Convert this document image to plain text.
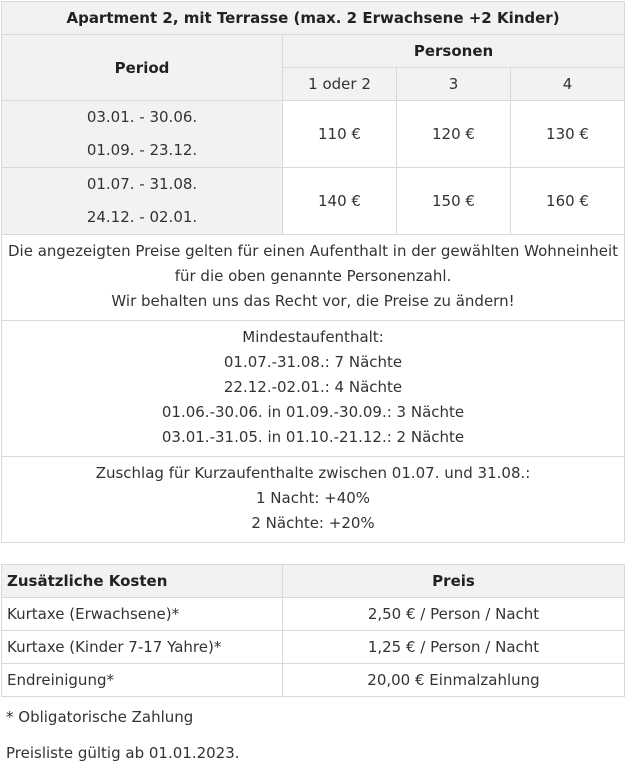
Apartment 2, mit Terrasse (max. 2 Erwachsene +2 Kinder)			
Period	Personen		
	1 oder 2	3	4

03.01. - 30.06.
01.09. - 23.12.	110 €	120 €	130 €

01.07. - 31.08.
24.12. - 02.01.	140 €	150 €	160 €

Die angezeigten Preise gelten für einen Aufenthalt in der gewählten Wohneinheit
für die oben genannte Personenzahl.
Wir behalten uns das Recht vor, die Preise zu ändern!			

Mindestaufenthalt:
01.07.-31.08.: 7 Nächte
22.12.-02.01.: 4 Nächte
01.06.-30.06. in 01.09.-30.09.: 3 Nächte
03.01.-31.05. in 01.10.-21.12.: 2 Nächte			

Zuschlag für Kurzaufenthalte zwischen 01.07. und 31.08.:
1 Nacht: +40%
2 Nächte: +20%			
Zusätzliche Kosten	Preis
Kurtaxe (Erwachsene)*	2,50 € / Person / Nacht
Kurtaxe (Kinder 7-17 Yahre)*	1,25 € / Person / Nacht
Endreinigung*	20,00 € Einmalzahlung
* Obligatorische Zahlung
Preisliste gültig ab 01.01.2023.
